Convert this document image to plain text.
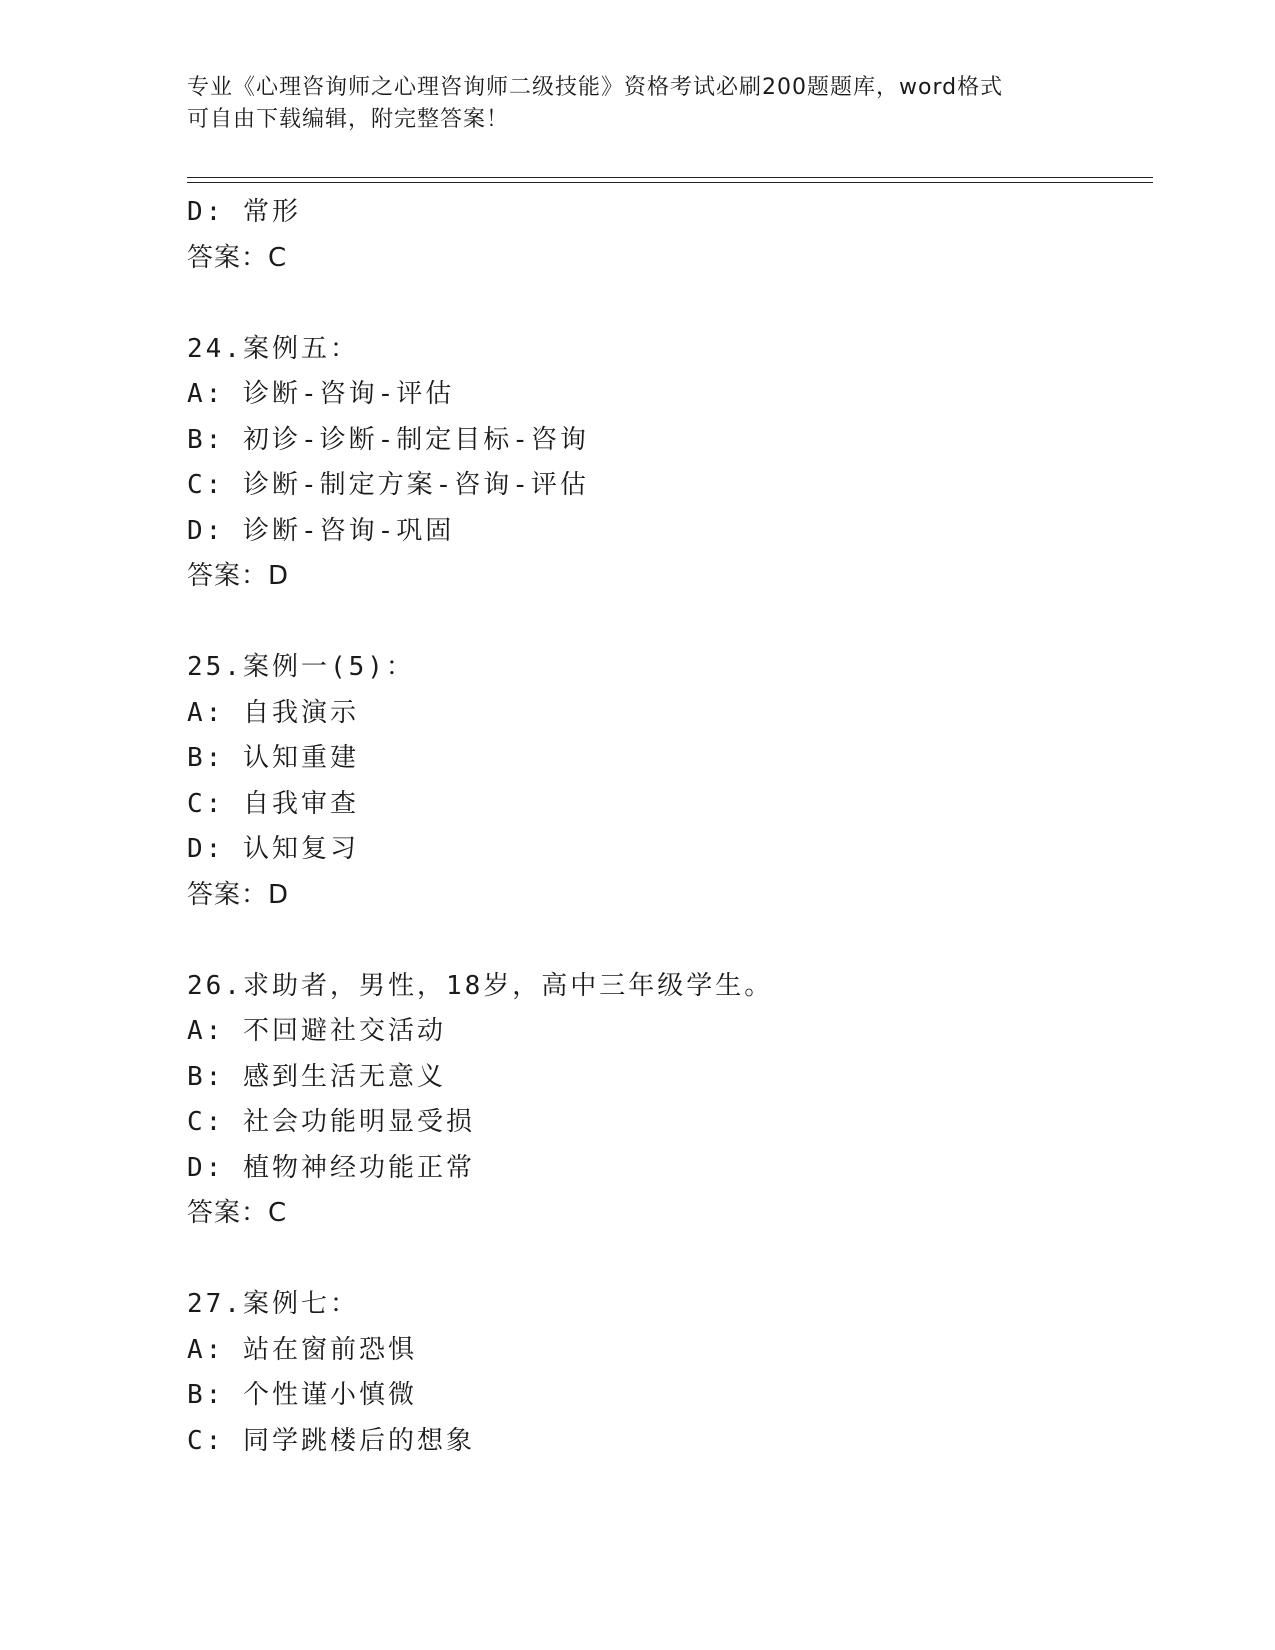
专业《心理咨询师之心理咨询师二级技能》资格考试必刷200题题库，word格式
可自由下载编辑，附完整答案！
D: 常形
答案：C
24.案例五：
A: 诊断-咨询-评估
B: 初诊-诊断-制定目标-咨询
C: 诊断-制定方案-咨询-评估
D: 诊断-咨询-巩固
答案：D
25.案例一(5)：
A: 自我演示
B: 认知重建
C: 自我审查
D: 认知复习
答案：D
26.求助者，男性，18岁，高中三年级学生。
A: 不回避社交活动
B: 感到生活无意义
C: 社会功能明显受损
D: 植物神经功能正常
答案：C
27.案例七：
A: 站在窗前恐惧
B: 个性谨小慎微
C: 同学跳楼后的想象
